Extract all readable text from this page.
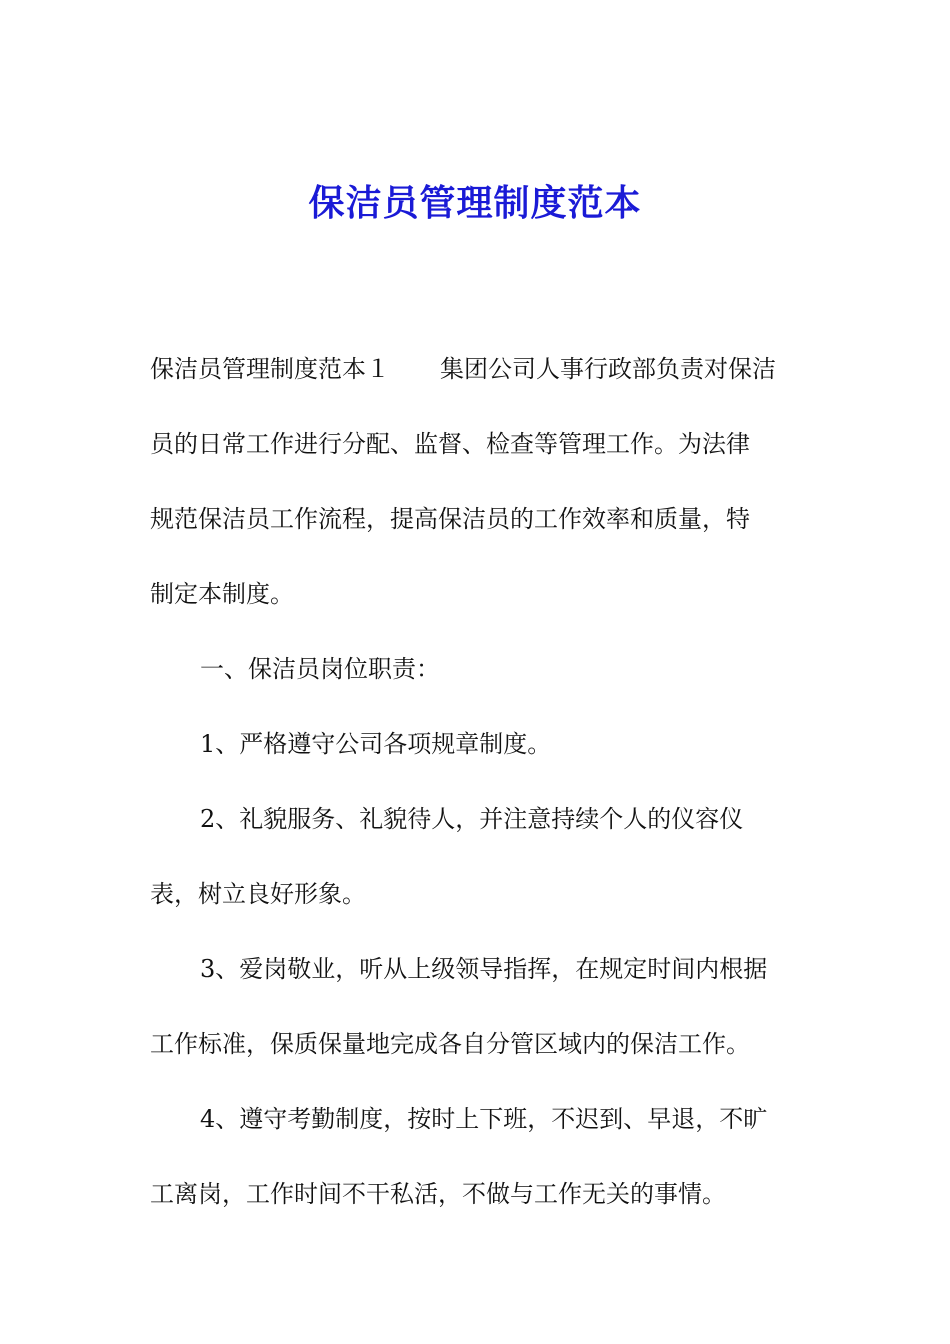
保洁员管理制度范本
保洁员管理制度范本１ 集团公司人事行政部负责对保洁
员的日常工作进行分配、监督、检查等管理工作。为法律
规范保洁员工作流程，提高保洁员的工作效率和质量，特
制定本制度。
一、保洁员岗位职责：
1、严格遵守公司各项规章制度。
2、礼貌服务、礼貌待人，并注意持续个人的仪容仪
表，树立良好形象。
3、爱岗敬业，听从上级领导指挥，在规定时间内根据
工作标准，保质保量地完成各自分管区域内的保洁工作。
4、遵守考勤制度，按时上下班，不迟到、早退，不旷
工离岗，工作时间不干私活，不做与工作无关的事情。
